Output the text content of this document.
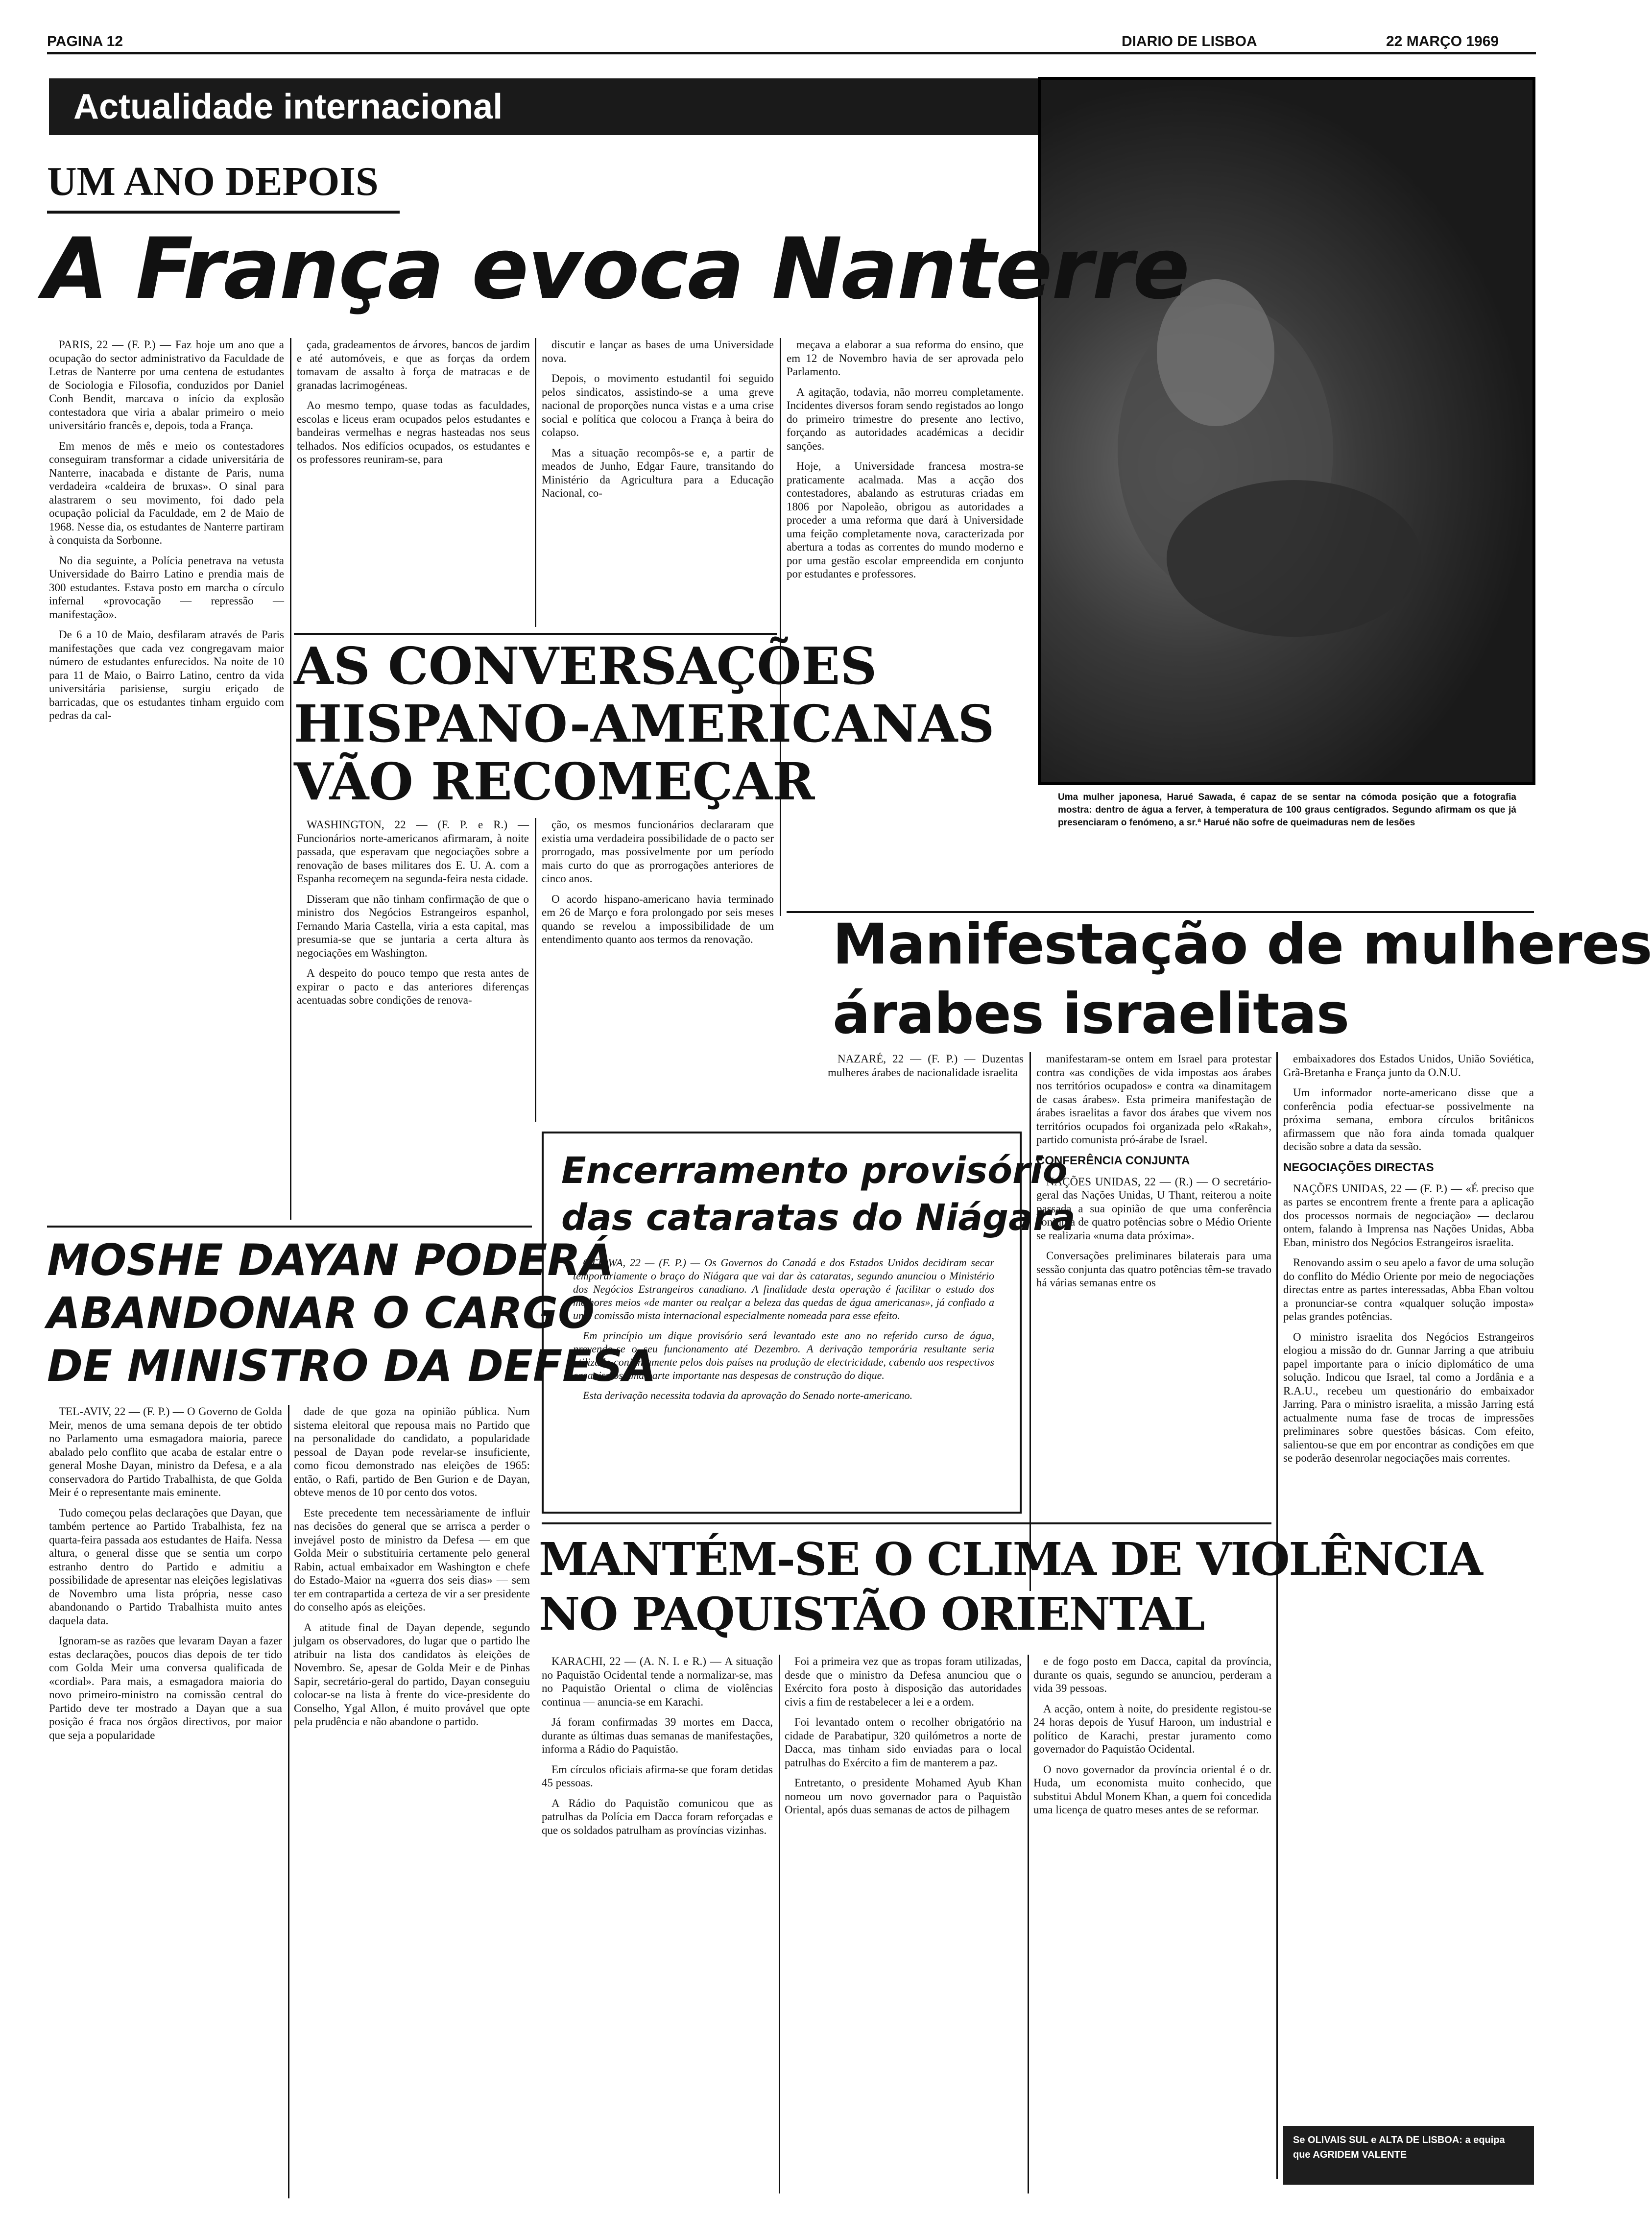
PAGINA 12	DIARIO DE LISBOA	22 MARÇO 1969
Actualidade internacional
Uma mulher japonesa, Harué Sawada, é capaz de se sentar na cómoda posição que a fotografia mostra: dentro de água a ferver, à temperatura de 100 graus centígrados. Segundo afirmam os que já presenciaram o fenómeno, a sr.ª Harué não sofre de queimaduras nem de lesões
UM ANO DEPOIS
A França evoca Nanterre

PARIS, 22 — (F. P.) — Faz hoje um ano que a ocupação do sector administrativo da Faculdade de Letras de Nanterre por uma centena de estudantes de Sociologia e Filosofia, conduzidos por Daniel Conh Bendit, marcava o início da explosão contestadora que viria a abalar primeiro o meio universitário francês e, depois, toda a França.

Em menos de mês e meio os contestadores conseguiram transformar a cidade universitária de Nanterre, inacabada e distante de Paris, numa verdadeira «caldeira de bruxas». O sinal para alastrarem o seu movimento, foi dado pela ocupação policial da Faculdade, em 2 de Maio de 1968. Nesse dia, os estudantes de Nanterre partiram à conquista da Sorbonne.

No dia seguinte, a Polícia penetrava na vetusta Universidade do Bairro Latino e prendia mais de 300 estudantes. Estava posto em marcha o círculo infernal «provocação — repressão — manifestação».

De 6 a 10 de Maio, desfilaram através de Paris manifestações que cada vez congregavam maior número de estudantes enfurecidos. Na noite de 10 para 11 de Maio, o Bairro Latino, centro da vida universitária parisiense, surgiu eriçado de barricadas, que os estudantes tinham erguido com pedras da cal-

çada, gradeamentos de árvores, bancos de jardim e até automóveis, e que as forças da ordem tomavam de assalto à força de matracas e de granadas lacrimogéneas.

Ao mesmo tempo, quase todas as faculdades, escolas e liceus eram ocupados pelos estudantes e bandeiras vermelhas e negras hasteadas nos seus telhados. Nos edifícios ocupados, os estudantes e os professores reuniram-se, para

discutir e lançar as bases de uma Universidade nova.

Depois, o movimento estudantil foi seguido pelos sindicatos, assistindo-se a uma greve nacional de proporções nunca vistas e a uma crise social e política que colocou a França à beira do colapso.

Mas a situação recompôs-se e, a partir de meados de Junho, Edgar Faure, transitando do Ministério da Agricultura para a Educação Nacional, co-

meçava a elaborar a sua reforma do ensino, que em 12 de Novembro havia de ser aprovada pelo Parlamento.

A agitação, todavia, não morreu completamente. Incidentes diversos foram sendo registados ao longo do primeiro trimestre do presente ano lectivo, forçando as autoridades académicas a decidir sanções.

Hoje, a Universidade francesa mostra-se praticamente acalmada. Mas a acção dos contestadores, abalando as estruturas criadas em 1806 por Napoleão, obrigou as autoridades a proceder a uma reforma que dará à Universidade uma feição completamente nova, caracterizada por abertura a todas as correntes do mundo moderno e por uma gestão escolar empreendida em conjunto por estudantes e professores.

AS CONVERSAÇÕES
HISPANO-AMERICANAS
VÃO RECOMEÇAR

WASHINGTON, 22 — (F. P. e R.) — Funcionários norte-americanos afirmaram, à noite passada, que esperavam que negociações sobre a renovação de bases militares dos E. U. A. com a Espanha recomeçem na segunda-feira nesta cidade.

Disseram que não tinham confirmação de que o ministro dos Negócios Estrangeiros espanhol, Fernando Maria Castella, viria a esta capital, mas presumia-se que se juntaria a certa altura às negociações em Washington.

A despeito do pouco tempo que resta antes de expirar o pacto e das anteriores diferenças acentuadas sobre condições de renova-

ção, os mesmos funcionários declararam que existia uma verdadeira possibilidade de o pacto ser prorrogado, mas possivelmente por um período mais curto do que as prorrogações anteriores de cinco anos.

O acordo hispano-americano havia terminado em 26 de Março e fora prolongado por seis meses quando se revelou a impossibilidade de um entendimento quanto aos termos da renovação.	Manifestação de mulheres
árabes israelitas

NAZARÉ, 22 — (F. P.) — Duzentas mulheres árabes de nacionalidade israelita

manifestaram-se ontem em Israel para protestar contra «as condições de vida impostas aos árabes nos territórios ocupados» e contra «a dinamitagem de casas árabes». Esta primeira manifestação de árabes israelitas a favor dos árabes que vivem nos territórios ocupados foi organizada pelo «Rakah», partido comunista pró-árabe de Israel.

CONFERÊNCIA CONJUNTA

NAÇÕES UNIDAS, 22 — (R.) — O secretário-geral das Nações Unidas, U Thant, reiterou a noite passada a sua opinião de que uma conferência conjunta de quatro potências sobre o Médio Oriente se realizaria «numa data próxima».

Conversações preliminares bilaterais para uma sessão conjunta das quatro potências têm-se travado há várias semanas entre os

embaixadores dos Estados Unidos, União Soviética, Grã-Bretanha e França junto da O.N.U.

Um informador norte-americano disse que a conferência podia efectuar-se possivelmente na próxima semana, embora círculos britânicos afirmassem que não fora ainda tomada qualquer decisão sobre a data da sessão.

NEGOCIAÇÕES DIRECTAS

NAÇÕES UNIDAS, 22 — (F. P.) — «É preciso que as partes se encontrem frente a frente para a aplicação dos processos normais de negociação» — declarou ontem, falando à Imprensa nas Nações Unidas, Abba Eban, ministro dos Negócios Estrangeiros israelita.

Renovando assim o seu apelo a favor de uma solução do conflito do Médio Oriente por meio de negociações directas entre as partes interessadas, Abba Eban voltou a pronunciar-se contra «qualquer solução imposta» pelas grandes potências.

O ministro israelita dos Negócios Estrangeiros elogiou a missão do dr. Gunnar Jarring a que atribuiu papel importante para o início diplomático de uma solução. Indicou que Israel, tal como a Jordânia e a R.A.U., recebeu um questionário do embaixador Jarring. Para o ministro israelita, a missão Jarring está actualmente numa fase de trocas de impressões preliminares sobre questões básicas. Com efeito, salientou-se que em por encontrar as condições em que se poderão desenrolar negociações mais correntes.

Se OLIVAIS SUL e ALTA DE LISBOA: a equipa que AGRIDEM VALENTE
Encerramento provisório
das cataratas do Niágara

OTTAWA, 22 — (F. P.) — Os Governos do Canadá e dos Estados Unidos decidiram secar temporàriamente o braço do Niágara que vai dar às cataratas, segundo anunciou o Ministério dos Negócios Estrangeiros canadiano. A finalidade desta operação é facilitar o estudo dos melhores meios «de manter ou realçar a beleza das quedas de água americanas», já confiado a uma comissão mista internacional especialmente nomeada para esse efeito.

Em princípio um dique provisório será levantado este ano no referido curso de água, prevendo-se o seu funcionamento até Dezembro. A derivação temporária resultante seria utilizada conjuntamente pelos dois países na produção de electricidade, cabendo aos respectivos organismos uma parte importante nas despesas de construção do dique.

Esta derivação necessita todavia da aprovação do Senado norte-americano.

MOSHE DAYAN PODERÁ
ABANDONAR O CARGO
DE MINISTRO DA DEFESA

TEL-AVIV, 22 — (F. P.) — O Governo de Golda Meir, menos de uma semana depois de ter obtido no Parlamento uma esmagadora maioria, parece abalado pelo conflito que acaba de estalar entre o general Moshe Dayan, ministro da Defesa, e a ala conservadora do Partido Trabalhista, de que Golda Meir é o representante mais eminente.

Tudo começou pelas declarações que Dayan, que também pertence ao Partido Trabalhista, fez na quarta-feira passada aos estudantes de Haifa. Nessa altura, o general disse que se sentia um corpo estranho dentro do Partido e admitiu a possibilidade de apresentar nas eleições legislativas de Novembro uma lista própria, nesse caso abandonando o Partido Trabalhista muito antes daquela data.

Ignoram-se as razões que levaram Dayan a fazer estas declarações, poucos dias depois de ter tido com Golda Meir uma conversa qualificada de «cordial». Para mais, a esmagadora maioria do novo primeiro-ministro na comissão central do Partido deve ter mostrado a Dayan que a sua posição é fraca nos órgãos directivos, por maior que seja a popularidade

dade de que goza na opinião pública. Num sistema eleitoral que repousa mais no Partido que na personalidade do candidato, a popularidade pessoal de Dayan pode revelar-se insuficiente, como ficou demonstrado nas eleições de 1965: então, o Rafi, partido de Ben Gurion e de Dayan, obteve menos de 10 por cento dos votos.

Este precedente tem necessàriamente de influir nas decisões do general que se arrisca a perder o invejável posto de ministro da Defesa — em que Golda Meir o substituiria certamente pelo general Rabin, actual embaixador em Washington e chefe do Estado-Maior na «guerra dos seis dias» — sem ter em contrapartida a certeza de vir a ser presidente do conselho após as eleições.

A atitude final de Dayan depende, segundo julgam os observadores, do lugar que o partido lhe atribuir na lista dos candidatos às eleições de Novembro. Se, apesar de Golda Meir e de Pinhas Sapir, secretário-geral do partido, Dayan conseguiu colocar-se na lista à frente do vice-presidente do Conselho, Ygal Allon, é muito provável que opte pela prudência e não abandone o partido.

MANTÉM-SE O CLIMA DE VIOLÊNCIA
NO PAQUISTÃO ORIENTAL

KARACHI, 22 — (A. N. I. e R.) — A situação no Paquistão Ocidental tende a normalizar-se, mas no Paquistão Oriental o clima de violências continua — anuncia-se em Karachi.

Já foram confirmadas 39 mortes em Dacca, durante as últimas duas semanas de manifestações, informa a Rádio do Paquistão.

Em círculos oficiais afirma-se que foram detidas 45 pessoas.

A Rádio do Paquistão comunicou que as patrulhas da Polícia em Dacca foram reforçadas e que os soldados patrulham as províncias vizinhas.

Foi a primeira vez que as tropas foram utilizadas, desde que o ministro da Defesa anunciou que o Exército fora posto à disposição das autoridades civis a fim de restabelecer a lei e a ordem.

Foi levantado ontem o recolher obrigatório na cidade de Parabatipur, 320 quilómetros a norte de Dacca, mas tinham sido enviadas para o local patrulhas do Exército a fim de manterem a paz.

Entretanto, o presidente Mohamed Ayub Khan nomeou um novo governador para o Paquistão Oriental, após duas semanas de actos de pilhagem

e de fogo posto em Dacca, capital da província, durante os quais, segundo se anunciou, perderam a vida 39 pessoas.

A acção, ontem à noite, do presidente registou-se 24 horas depois de Yusuf Haroon, um industrial e político de Karachi, prestar juramento como governador do Paquistão Ocidental.

O novo governador da província oriental é o dr. Huda, um economista muito conhecido, que substitui Abdul Monem Khan, a quem foi concedida uma licença de quatro meses antes de se reformar.
